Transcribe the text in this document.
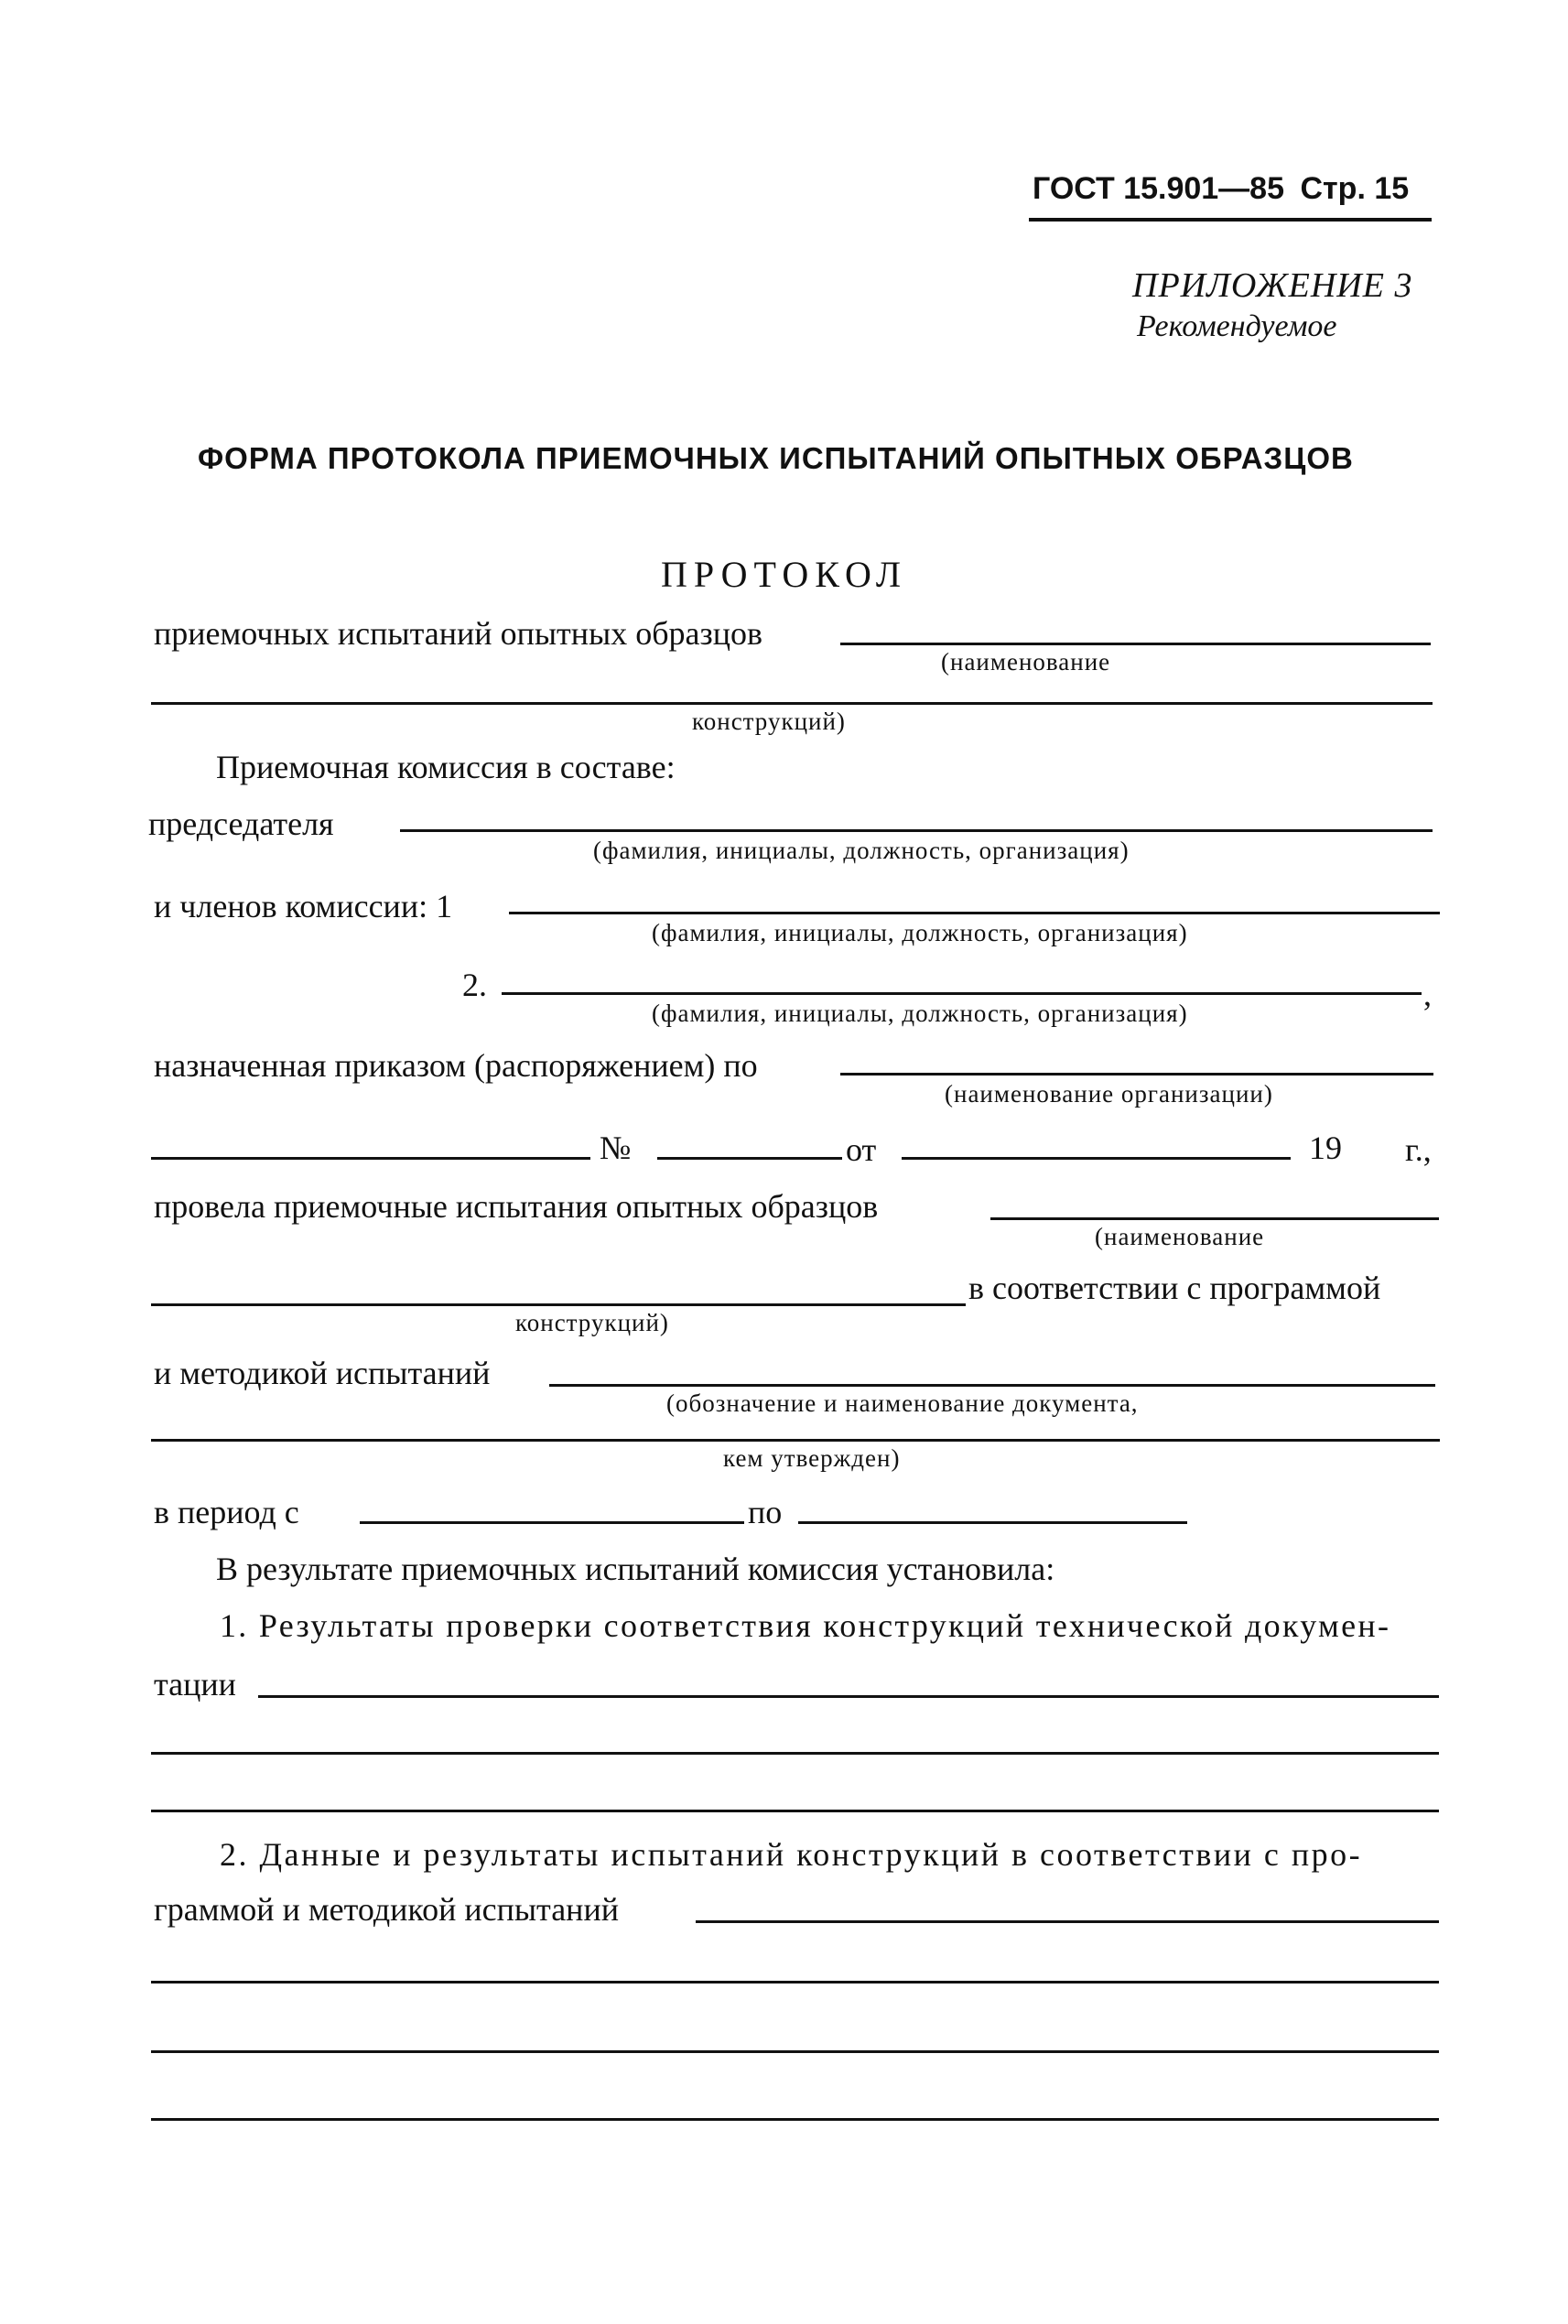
ГОСТ 15.901—85 Стр. 15
ПРИЛОЖЕНИЕ 3
Рекомендуемое
ФОРМА ПРОТОКОЛА ПРИЕМОЧНЫХ ИСПЫТАНИЙ ОПЫТНЫХ ОБРАЗЦОВ
ПРОТОКОЛ
приемочных испытаний опытных образцов
(наименование
конструкций)
Приемочная комиссия в составе:
председателя
(фамилия, инициалы, должность, организация)
и членов комиссии: 1
(фамилия, инициалы, должность, организация)
2.	,
(фамилия, инициалы, должность, организация)
назначенная приказом (распоряжением) по
(наименование организации)
№	от	19 г.,
провела приемочные испытания опытных образцов
(наименование
в соответствии с программой
конструкций)
и методикой испытаний
(обозначение и наименование документа,
кем утвержден)
в период с	по
В результате приемочных испытаний комиссия установила:
1. Результаты проверки соответствия конструкций технической докумен-
тации
2. Данные и результаты испытаний конструкций в соответствии с про-
граммой и методикой испытаний
